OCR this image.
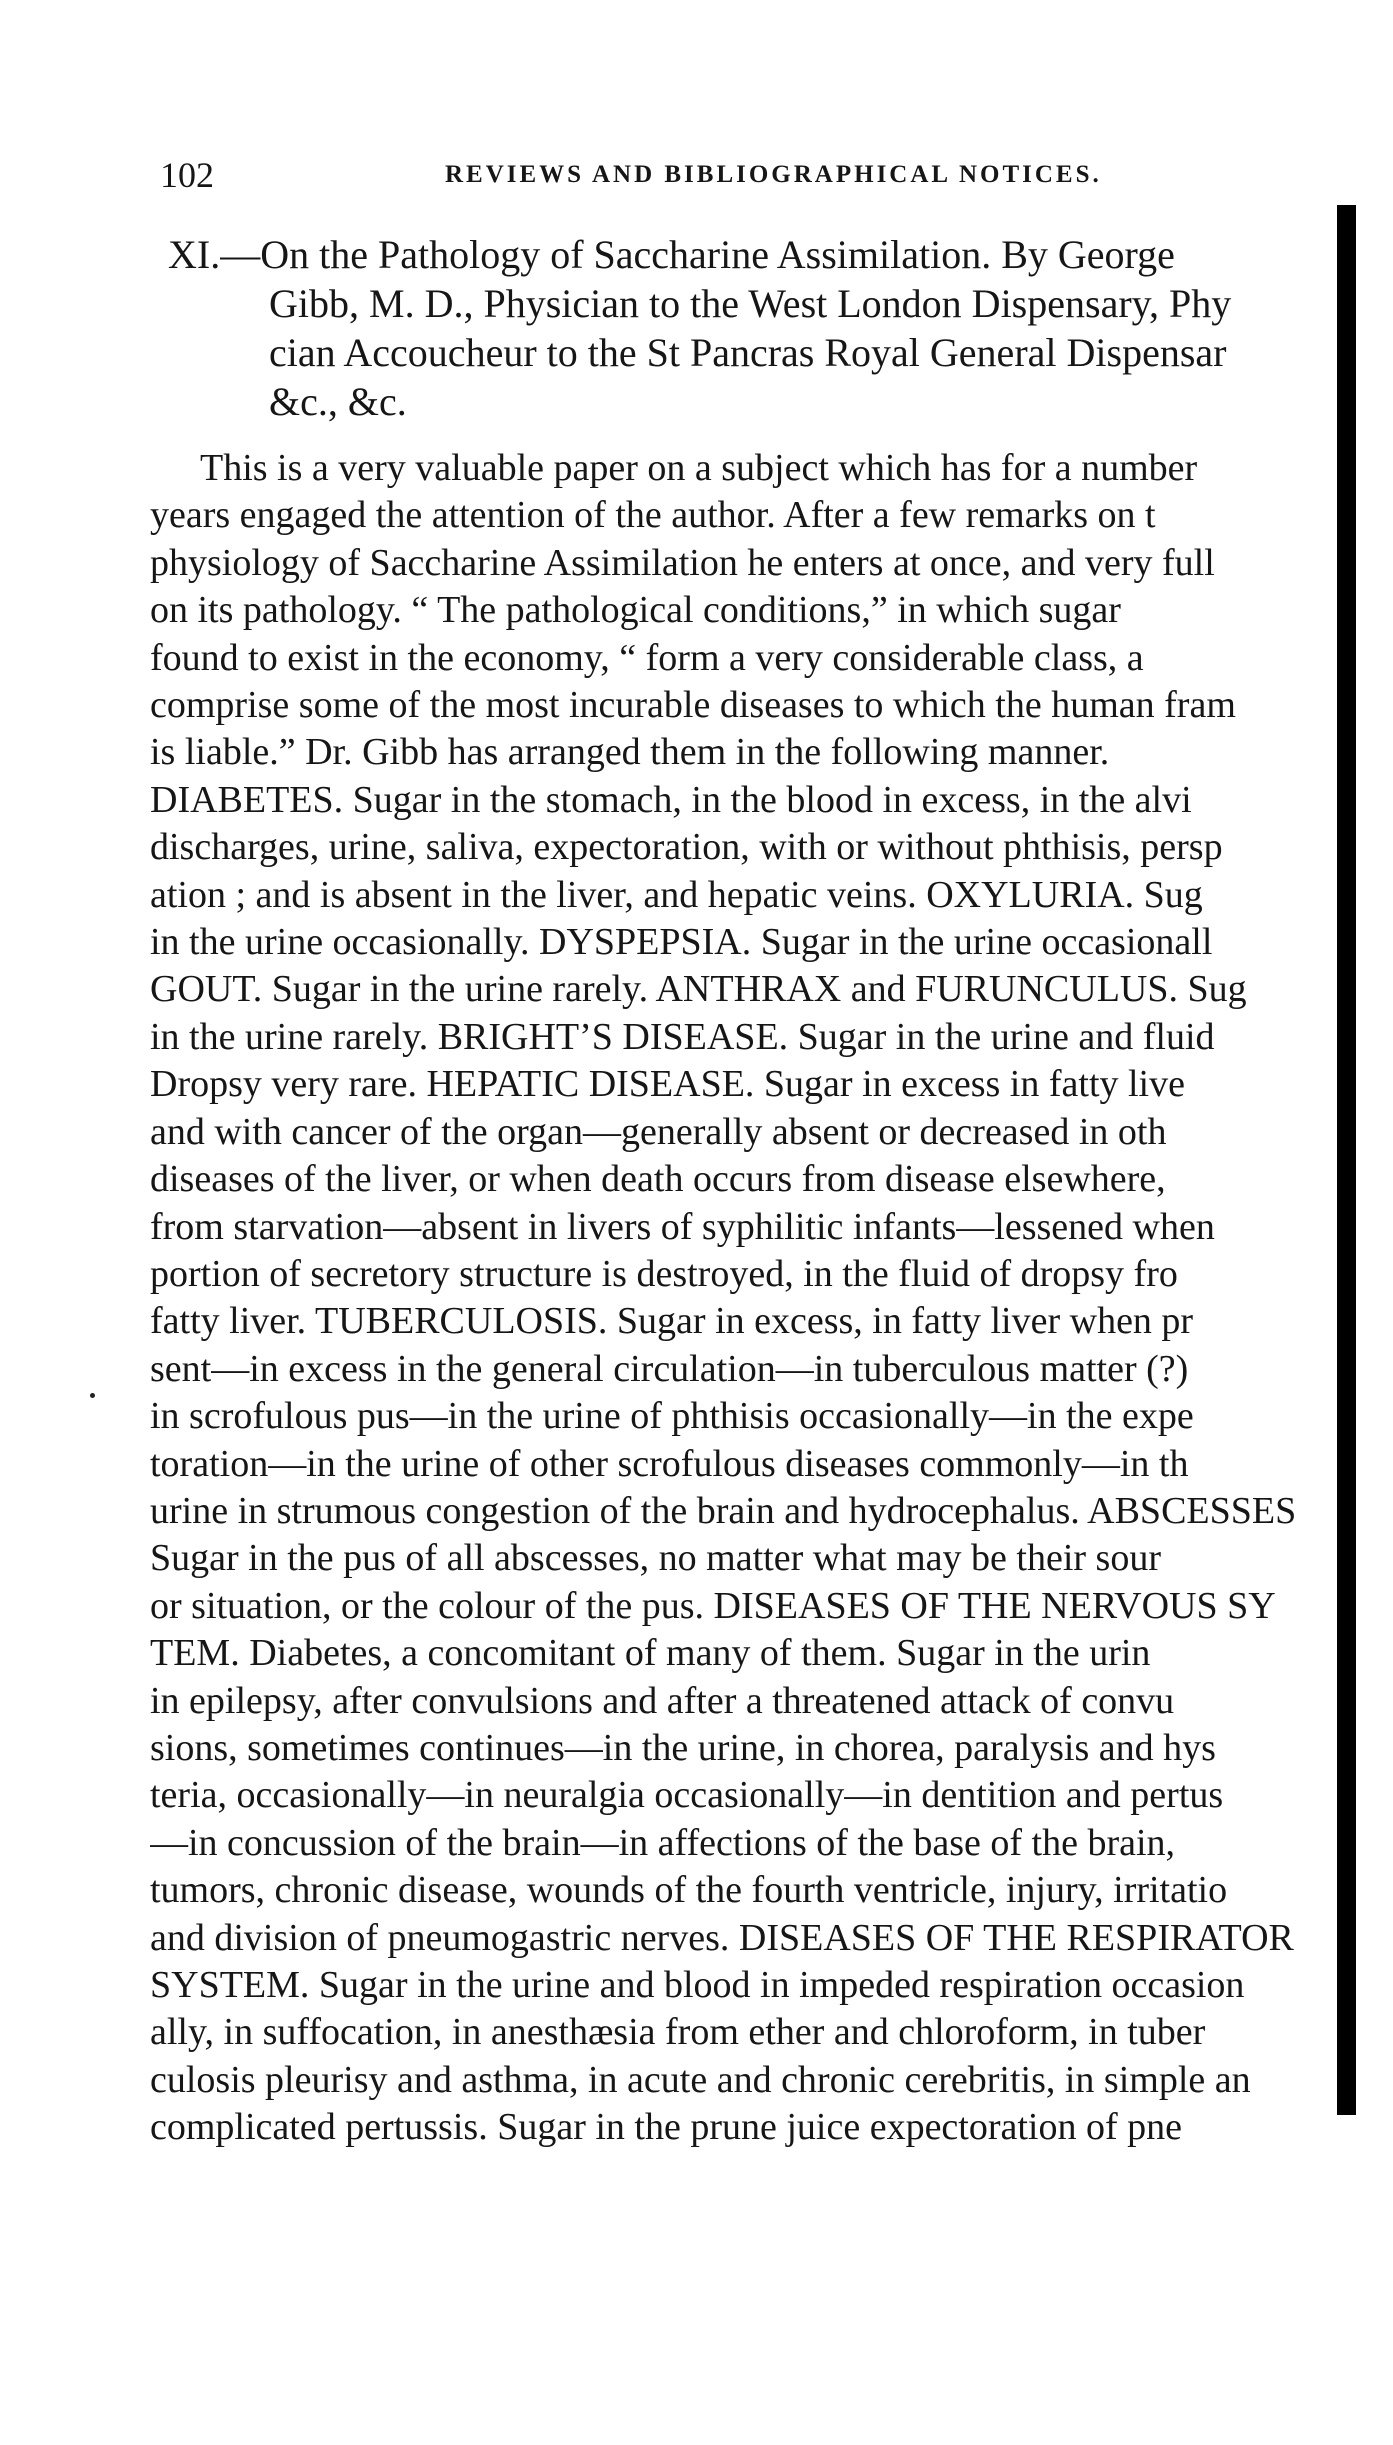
102	REVIEWS AND BIBLIOGRAPHICAL NOTICES.
XI.—On the Pathology of Saccharine Assimilation. By George
Gibb, M. D., Physician to the West London Dispensary, Phy
cian Accoucheur to the St Pancras Royal General Dispensar
&c., &c.
This is a very valuable paper on a subject which has for a number
years engaged the attention of the author. After a few remarks on t
physiology of Saccharine Assimilation he enters at once, and very full
on its pathology. “ The pathological conditions,” in which sugar
found to exist in the economy, “ form a very considerable class, a
comprise some of the most incurable diseases to which the human fram
is liable.” Dr. Gibb has arranged them in the following manner.
DIABETES. Sugar in the stomach, in the blood in excess, in the alvi
discharges, urine, saliva, expectoration, with or without phthisis, persp
ation ; and is absent in the liver, and hepatic veins. OXYLURIA. Sug
in the urine occasionally. DYSPEPSIA. Sugar in the urine occasionall
GOUT. Sugar in the urine rarely. ANTHRAX and FURUNCULUS. Sug
in the urine rarely. BRIGHT’S DISEASE. Sugar in the urine and fluid
Dropsy very rare. HEPATIC DISEASE. Sugar in excess in fatty live
and with cancer of the organ—generally absent or decreased in oth
diseases of the liver, or when death occurs from disease elsewhere,
from starvation—absent in livers of syphilitic infants—lessened when
portion of secretory structure is destroyed, in the fluid of dropsy fro
fatty liver. TUBERCULOSIS. Sugar in excess, in fatty liver when pr
sent—in excess in the general circulation—in tuberculous matter (?)
in scrofulous pus—in the urine of phthisis occasionally—in the expe
toration—in the urine of other scrofulous diseases commonly—in th
urine in strumous congestion of the brain and hydrocephalus. ABSCESSES
Sugar in the pus of all abscesses, no matter what may be their sour
or situation, or the colour of the pus. DISEASES OF THE NERVOUS SY
TEM. Diabetes, a concomitant of many of them. Sugar in the urin
in epilepsy, after convulsions and after a threatened attack of convu
sions, sometimes continues—in the urine, in chorea, paralysis and hys
teria, occasionally—in neuralgia occasionally—in dentition and pertus
—in concussion of the brain—in affections of the base of the brain,
tumors, chronic disease, wounds of the fourth ventricle, injury, irritatio
and division of pneumogastric nerves. DISEASES OF THE RESPIRATOR
SYSTEM. Sugar in the urine and blood in impeded respiration occasion
ally, in suffocation, in anesthæsia from ether and chloroform, in tuber
culosis pleurisy and asthma, in acute and chronic cerebritis, in simple an
complicated pertussis. Sugar in the prune juice expectoration of pne
